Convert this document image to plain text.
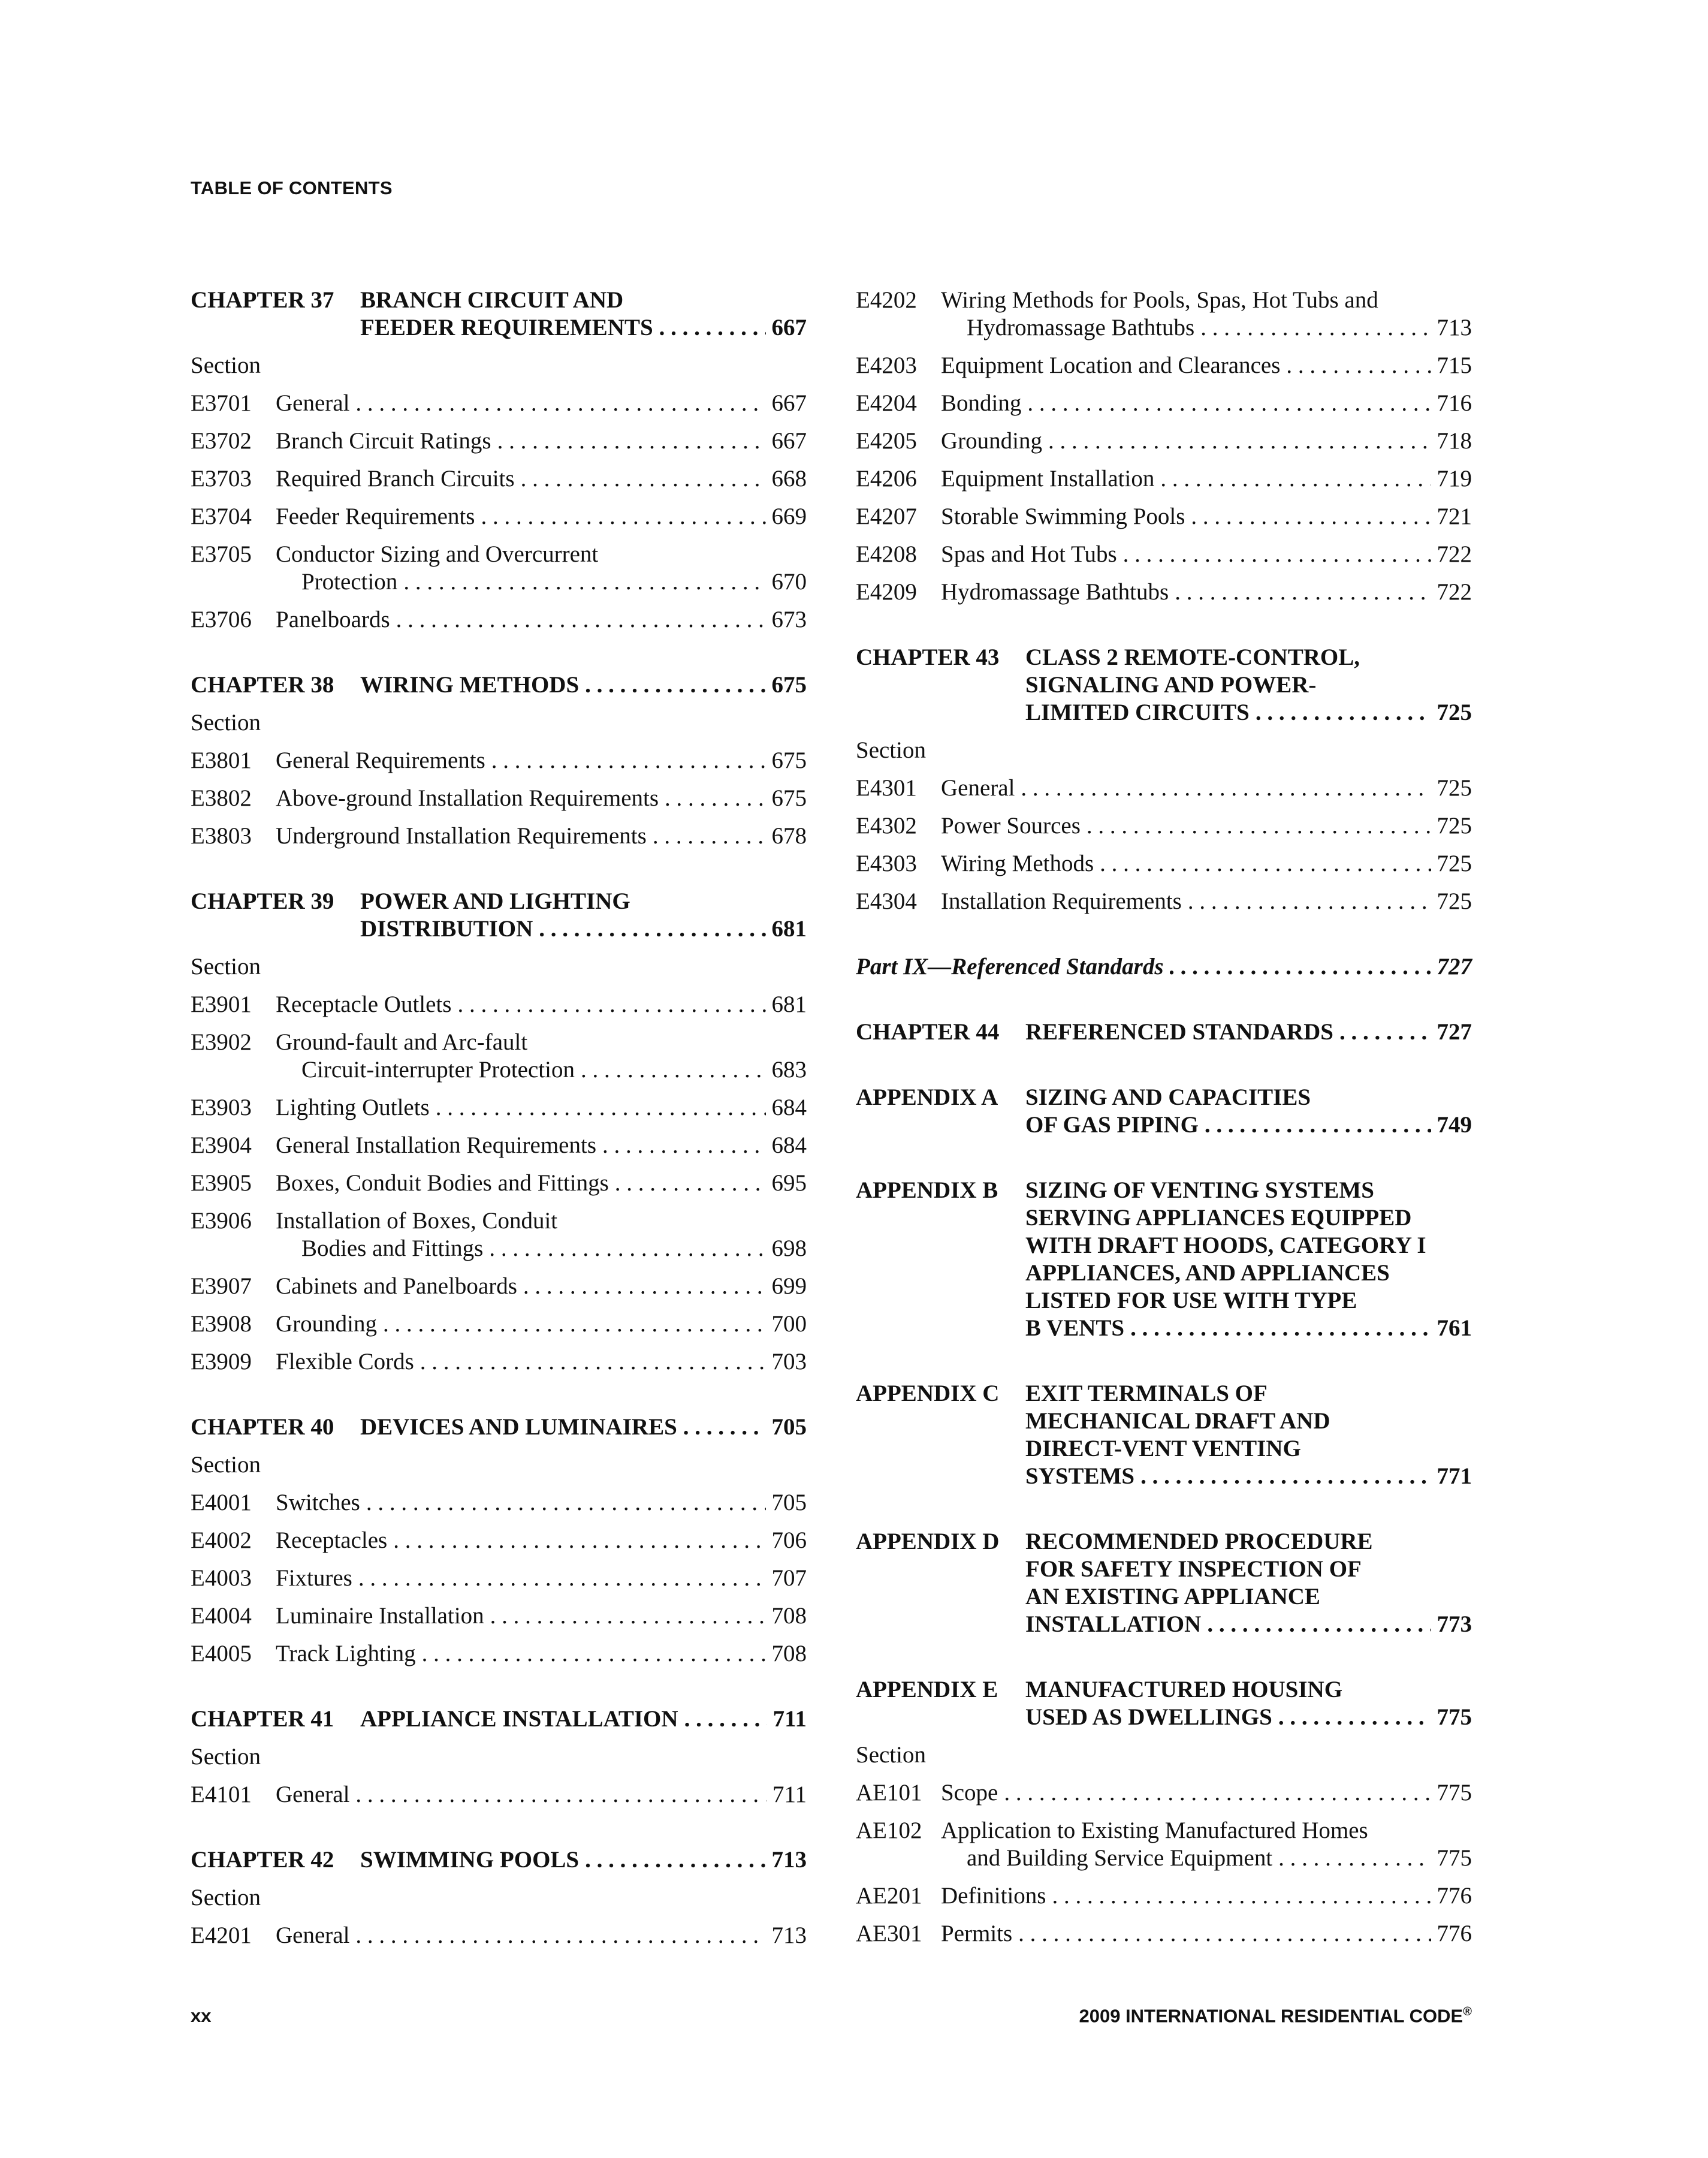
TABLE OF CONTENTS
CHAPTER 37	BRANCH CIRCUIT AND
FEEDER REQUIREMENTS . . .	667
Section
E3701	General . . .	667
E3702	Branch Circuit Ratings . . .	667
E3703	Required Branch Circuits . . .	668
E3704	Feeder Requirements . . .	669
E3705	Conductor Sizing and Overcurrent
Protection . . .	670
E3706	Panelboards . . .	673
CHAPTER 38	WIRING METHODS . . .	675
Section
E3801	General Requirements . . .	675
E3802	Above-ground Installation Requirements . . .	675
E3803	Underground Installation Requirements . . .	678
CHAPTER 39	POWER AND LIGHTING
DISTRIBUTION . . .	681
Section
E3901	Receptacle Outlets . . .	681
E3902	Ground-fault and Arc-fault
Circuit-interrupter Protection . . .	683
E3903	Lighting Outlets . . .	684
E3904	General Installation Requirements . . .	684
E3905	Boxes, Conduit Bodies and Fittings . . .	695
E3906	Installation of Boxes, Conduit
Bodies and Fittings . . .	698
E3907	Cabinets and Panelboards . . .	699
E3908	Grounding . . .	700
E3909	Flexible Cords . . .	703
CHAPTER 40	DEVICES AND LUMINAIRES . . .	705
Section
E4001	Switches . . .	705
E4002	Receptacles . . .	706
E4003	Fixtures . . .	707
E4004	Luminaire Installation . . .	708
E4005	Track Lighting . . .	708
CHAPTER 41	APPLIANCE INSTALLATION . . .	711
Section
E4101	General . . .	711
CHAPTER 42	SWIMMING POOLS . . .	713
Section
E4201	General . . .	713
E4202	Wiring Methods for Pools, Spas, Hot Tubs and
Hydromassage Bathtubs . . .	713
E4203	Equipment Location and Clearances . . .	715
E4204	Bonding . . .	716
E4205	Grounding . . .	718
E4206	Equipment Installation . . .	719
E4207	Storable Swimming Pools . . .	721
E4208	Spas and Hot Tubs . . .	722
E4209	Hydromassage Bathtubs . . .	722
CHAPTER 43	CLASS 2 REMOTE-CONTROL,
SIGNALING AND POWER-
LIMITED CIRCUITS . . .	725
Section
E4301	General . . .	725
E4302	Power Sources . . .	725
E4303	Wiring Methods . . .	725
E4304	Installation Requirements . . .	725
Part IX—Referenced Standards . . .	727
CHAPTER 44	REFERENCED STANDARDS . . .	727
APPENDIX A	SIZING AND CAPACITIES
OF GAS PIPING . . .	749
APPENDIX B	SIZING OF VENTING SYSTEMS
SERVING APPLIANCES EQUIPPED
WITH DRAFT HOODS, CATEGORY I
APPLIANCES, AND APPLIANCES
LISTED FOR USE WITH TYPE
B VENTS . . .	761
APPENDIX C	EXIT TERMINALS OF
MECHANICAL DRAFT AND
DIRECT-VENT VENTING
SYSTEMS . . .	771
APPENDIX D	RECOMMENDED PROCEDURE
FOR SAFETY INSPECTION OF
AN EXISTING APPLIANCE
INSTALLATION . . .	773
APPENDIX E	MANUFACTURED HOUSING
USED AS DWELLINGS . . .	775
Section
AE101 Scope . . .	775
AE102 Application to Existing Manufactured Homes
and Building Service Equipment . . .	775
AE201 Definitions . . .	776
AE301 Permits . . .	776
xx	2009 INTERNATIONAL RESIDENTIAL CODE®
